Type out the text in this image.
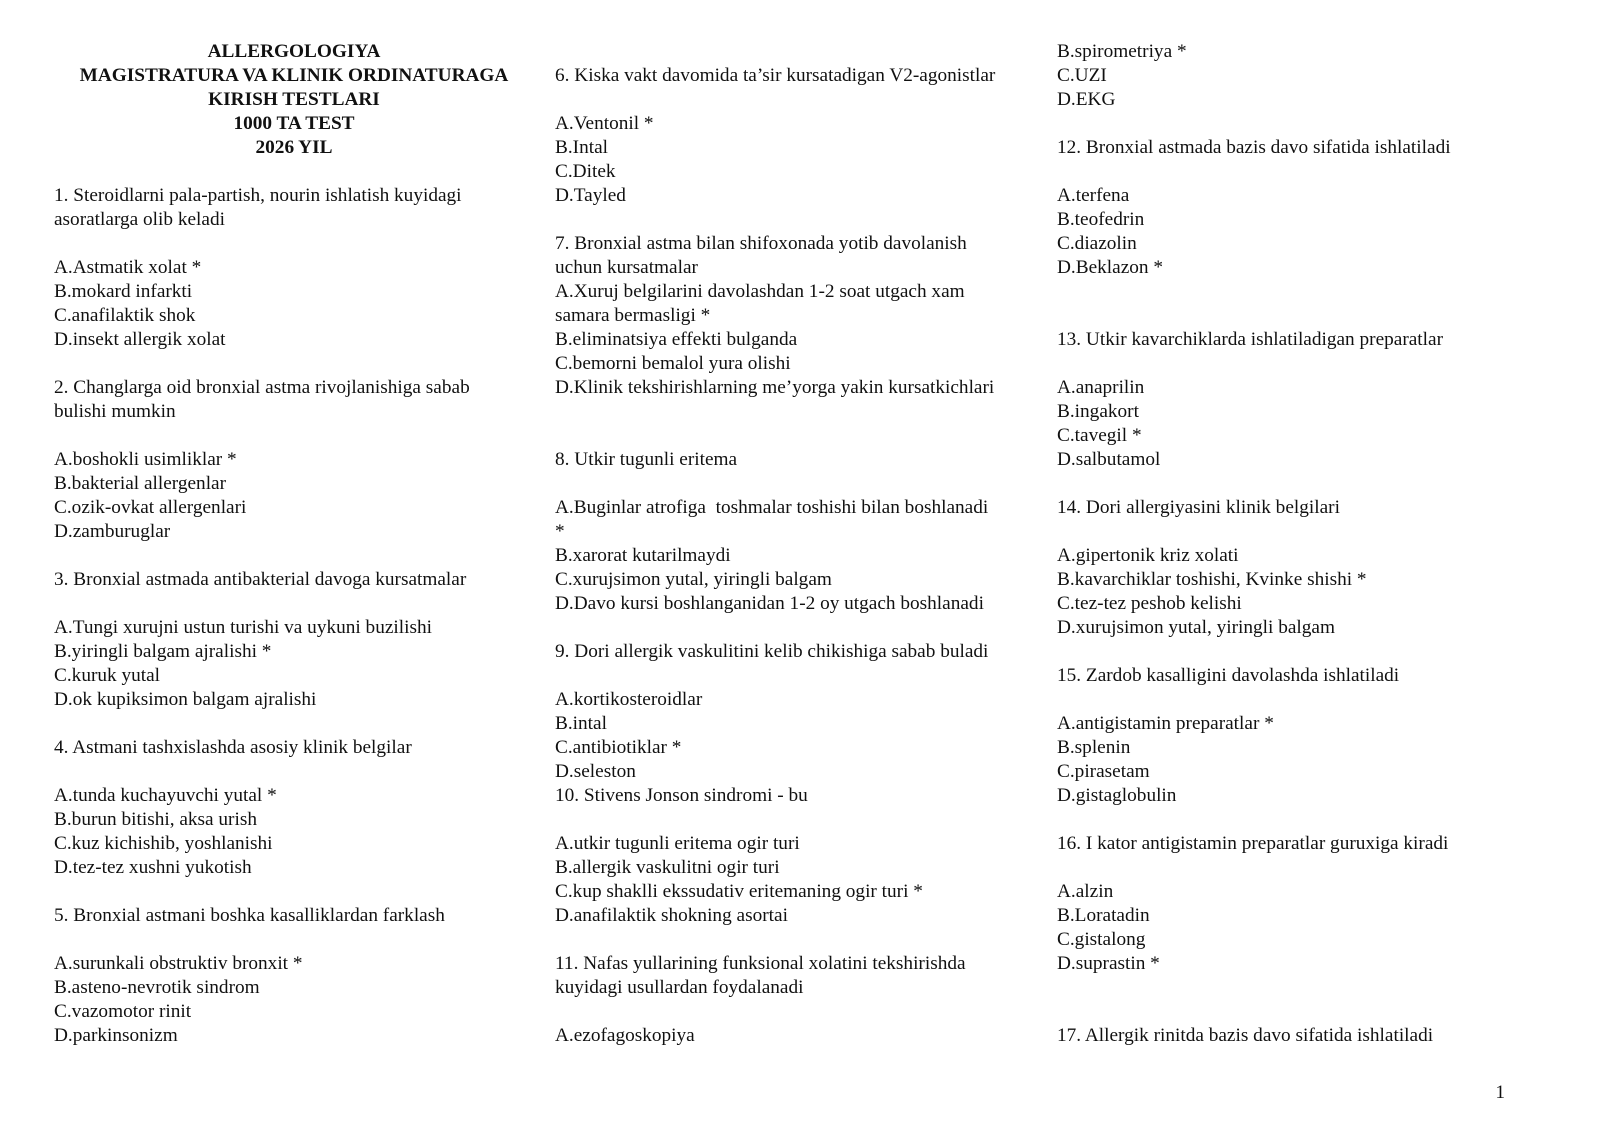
ALLERGOLOGIYA
MAGISTRATURA VA KLINIK ORDINATURAGA
KIRISH TESTLARI
1000 TA TEST
2026 YIL
1. Steroidlarni pala-partish, nourin ishlatish kuyidagi
asoratlarga olib keladi
A.Astmatik xolat *
B.mokard infarkti
C.anafilaktik shok
D.insekt allergik xolat
2. Changlarga oid bronxial astma rivojlanishiga sabab
bulishi mumkin
A.boshokli usimliklar *
B.bakterial allergenlar
C.ozik-ovkat allergenlari
D.zamburuglar
3. Bronxial astmada antibakterial davoga kursatmalar
A.Tungi xurujni ustun turishi va uykuni buzilishi
B.yiringli balgam ajralishi *
C.kuruk yutal
D.ok kupiksimon balgam ajralishi
4. Astmani tashxislashda asosiy klinik belgilar
A.tunda kuchayuvchi yutal *
B.burun bitishi, aksa urish
C.kuz kichishib, yoshlanishi
D.tez-tez xushni yukotish
5. Bronxial astmani boshka kasalliklardan farklash
A.surunkali obstruktiv bronxit *
B.asteno-nevrotik sindrom
C.vazomotor rinit
D.parkinsonizm
6. Kiska vakt davomida ta’sir kursatadigan V2-agonistlar
A.Ventonil *
B.Intal
C.Ditek
D.Tayled
7. Bronxial astma bilan shifoxonada yotib davolanish
uchun kursatmalar
A.Xuruj belgilarini davolashdan 1-2 soat utgach xam
samara bermasligi *
B.eliminatsiya effekti bulganda
C.bemorni bemalol yura olishi
D.Klinik tekshirishlarning me’yorga yakin kursatkichlari
8. Utkir tugunli eritema
A.Buginlar atrofiga  toshmalar toshishi bilan boshlanadi
*
B.xarorat kutarilmaydi
C.xurujsimon yutal, yiringli balgam
D.Davo kursi boshlanganidan 1-2 oy utgach boshlanadi
9. Dori allergik vaskulitini kelib chikishiga sabab buladi
A.kortikosteroidlar
B.intal
C.antibiotiklar *
D.seleston
10. Stivens Jonson sindromi - bu
A.utkir tugunli eritema ogir turi
B.allergik vaskulitni ogir turi
C.kup shaklli ekssudativ eritemaning ogir turi *
D.anafilaktik shokning asortai
11. Nafas yullarining funksional xolatini tekshirishda
kuyidagi usullardan foydalanadi
A.ezofagoskopiya
B.spirometriya *
C.UZI
D.EKG
12. Bronxial astmada bazis davo sifatida ishlatiladi
A.terfena
B.teofedrin
C.diazolin
D.Beklazon *
13. Utkir kavarchiklarda ishlatiladigan preparatlar
A.anaprilin
B.ingakort
C.tavegil *
D.salbutamol
14. Dori allergiyasini klinik belgilari
A.gipertonik kriz xolati
B.kavarchiklar toshishi, Kvinke shishi *
C.tez-tez peshob kelishi
D.xurujsimon yutal, yiringli balgam
15. Zardob kasalligini davolashda ishlatiladi
A.antigistamin preparatlar *
B.splenin
C.pirasetam
D.gistaglobulin
16. I kator antigistamin preparatlar guruxiga kiradi
A.alzin
B.Loratadin
C.gistalong
D.suprastin *
17. Allergik rinitda bazis davo sifatida ishlatiladi
1
